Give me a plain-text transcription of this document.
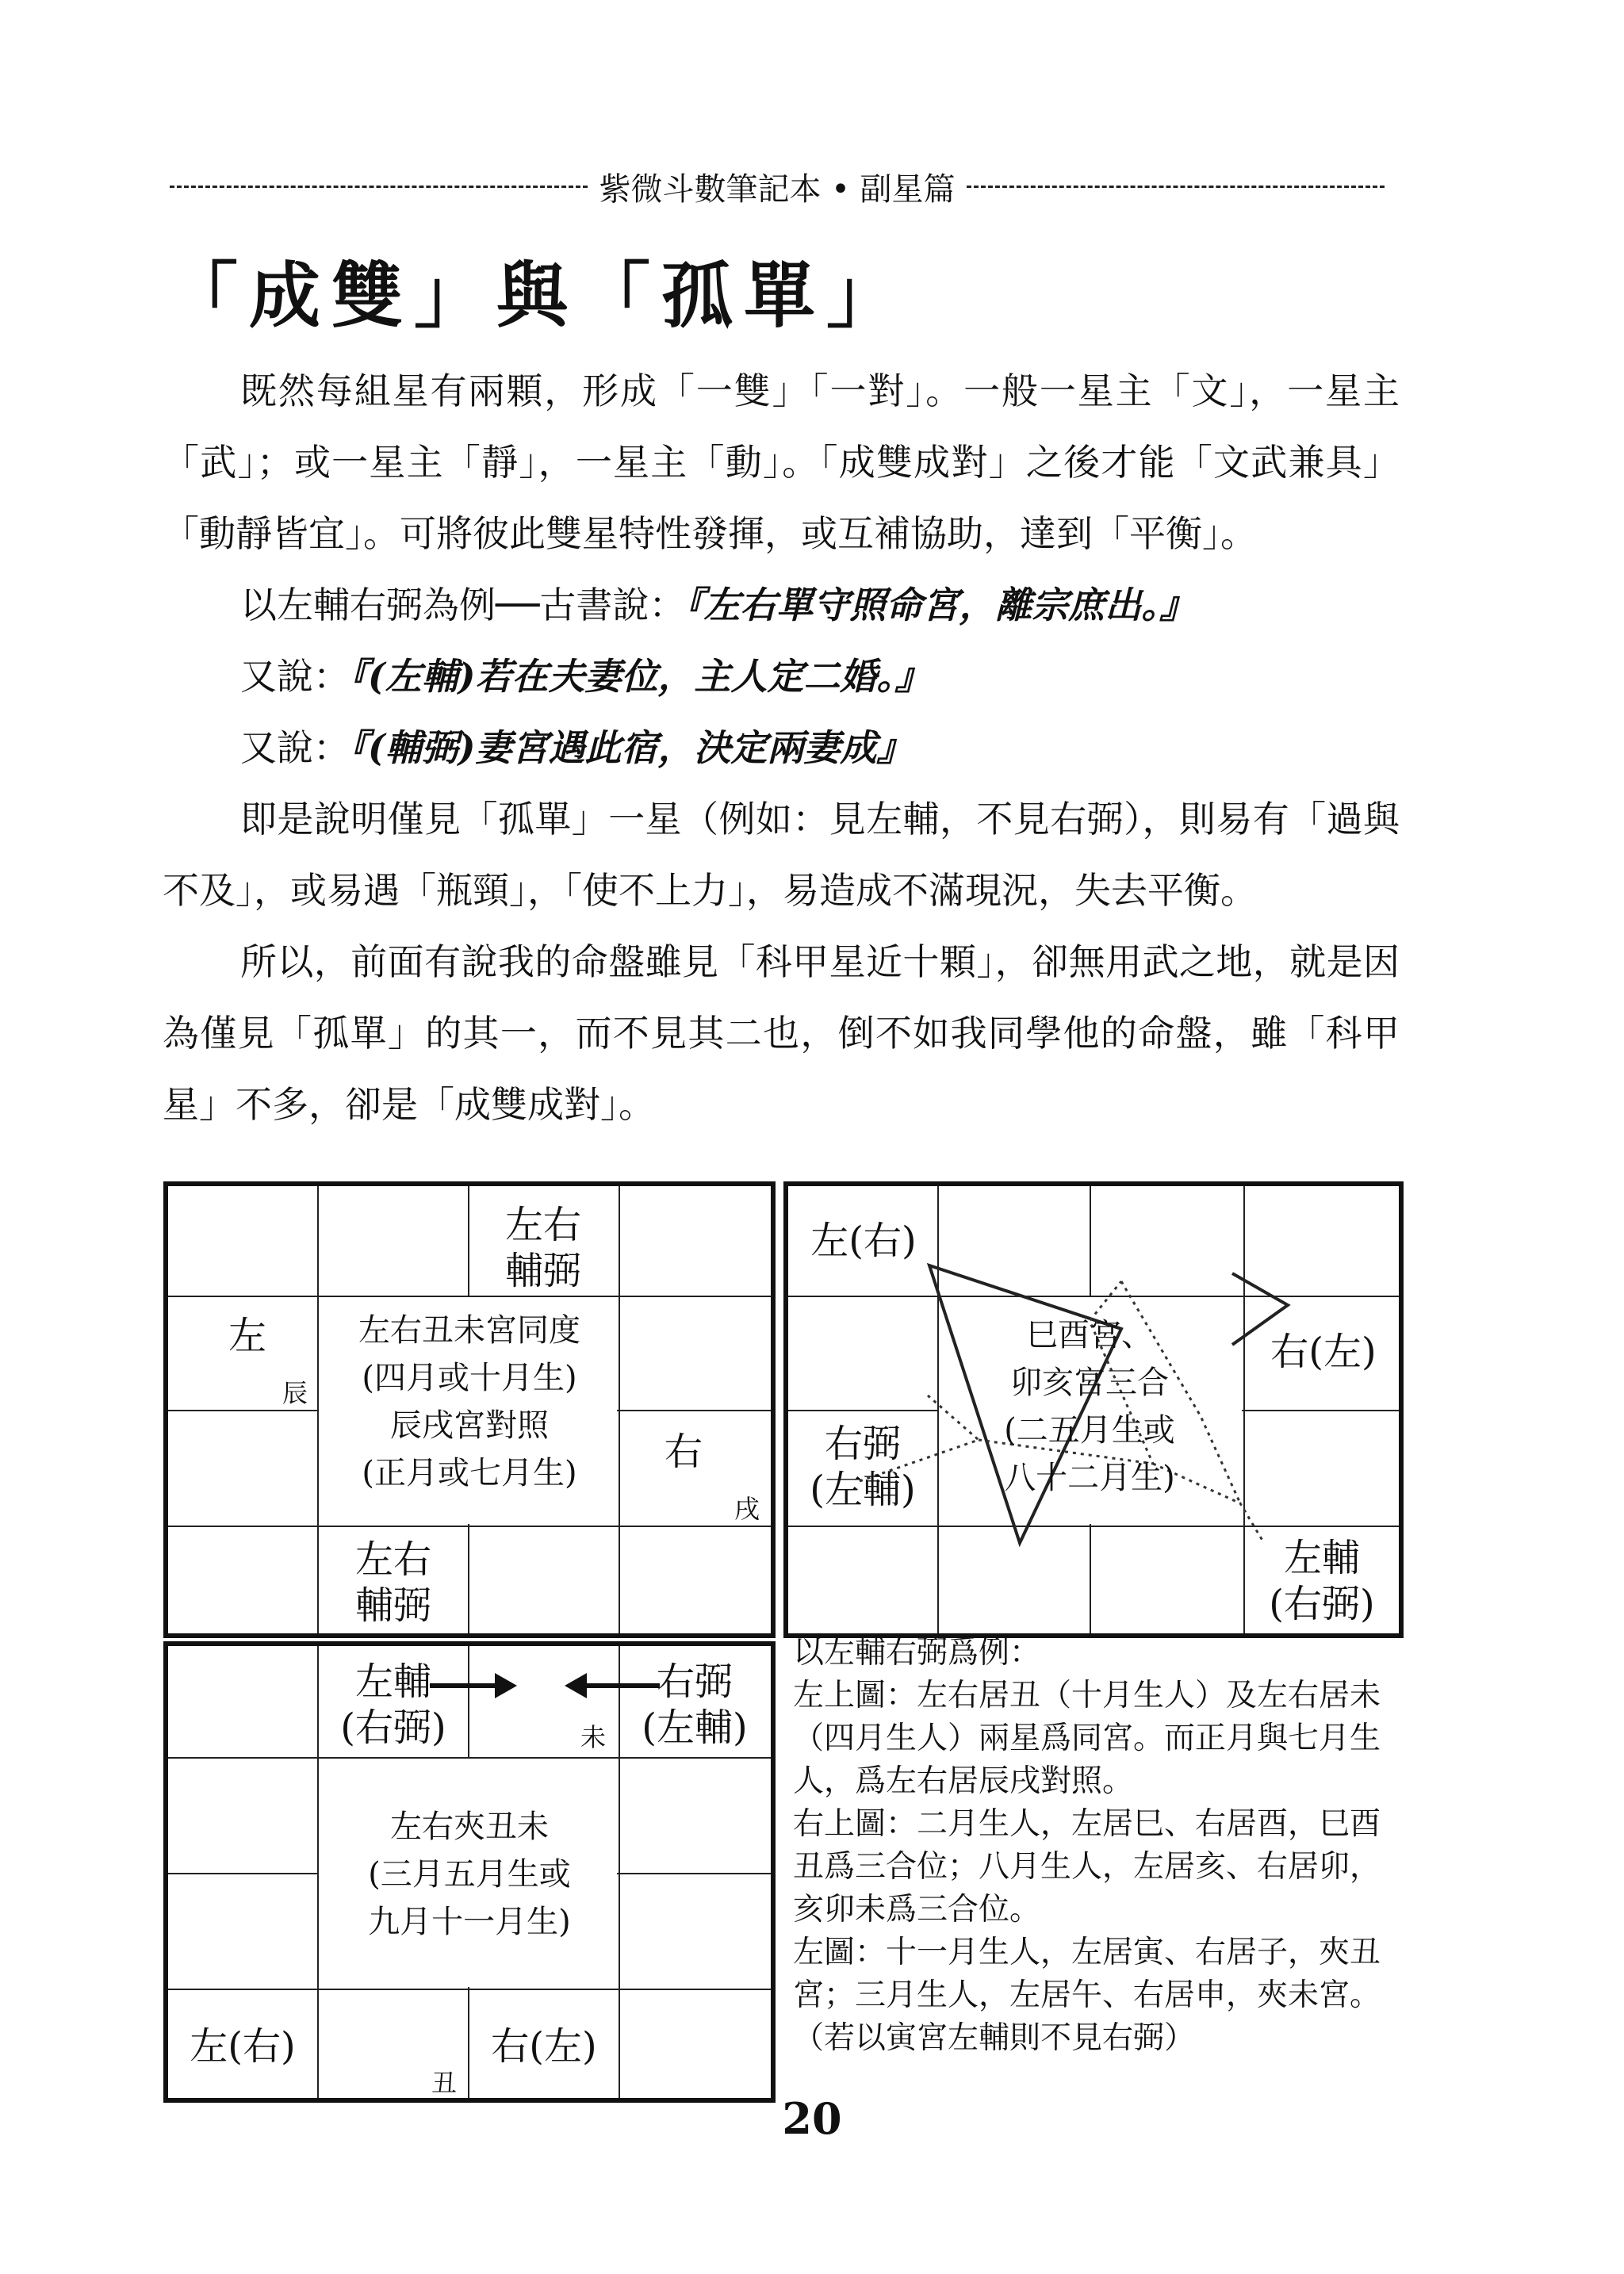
紫微斗數筆記本 • 副星篇
「成雙」與「孤單」

既然每組星有兩顆，形成「一雙」「一對」。一般一星主「文」，一星主「武」；或一星主「靜」，一星主「動」。「成雙成對」之後才能「文武兼具」「動靜皆宜」。可將彼此雙星特性發揮，或互補協助，達到「平衡」。

以左輔右弼為例──古書說：『左右單守照命宮，離宗庶出。』

又說：『(左輔)若在夫妻位，主人定二婚。』

又說：『(輔弼)妻宮遇此宿，決定兩妻成』

即是說明僅見「孤單」一星（例如：見左輔，不見右弼），則易有「過與不及」，或易遇「瓶頸」，「使不上力」，易造成不滿現況，失去平衡。

所以，前面有說我的命盤雖見「科甲星近十顆」，卻無用武之地，就是因為僅見「孤單」的其一，而不見其二也，倒不如我同學他的命盤，雖「科甲星」不多，卻是「成雙成對」。

左右
輔弼
左
辰
左右丑未宮同度
(四月或十月生)
辰戌宮對照
(正月或七月生)	右
戌
左右
輔弼
左(右)
巳酉宮、
卯亥宮三合
(二五月生或
八十二月生)
右(左)
右弼
(左輔)
左輔
(右弼)
左輔
(右弼)	未
右弼
(左輔)
左右夾丑未
(三月五月生或
九月十一月生)
左(右)
丑
右(左)
以左輔右弼爲例：
左上圖：左右居丑（十月生人）及左右居未（四月生人）兩星爲同宮。而正月與七月生人，爲左右居辰戌對照。
右上圖：二月生人，左居巳、右居酉，巳酉丑爲三合位；八月生人，左居亥、右居卯，亥卯未爲三合位。
左圖：十一月生人，左居寅、右居子，夾丑宮；三月生人，左居午、右居申，夾未宮。（若以寅宮左輔則不見右弼）
20
